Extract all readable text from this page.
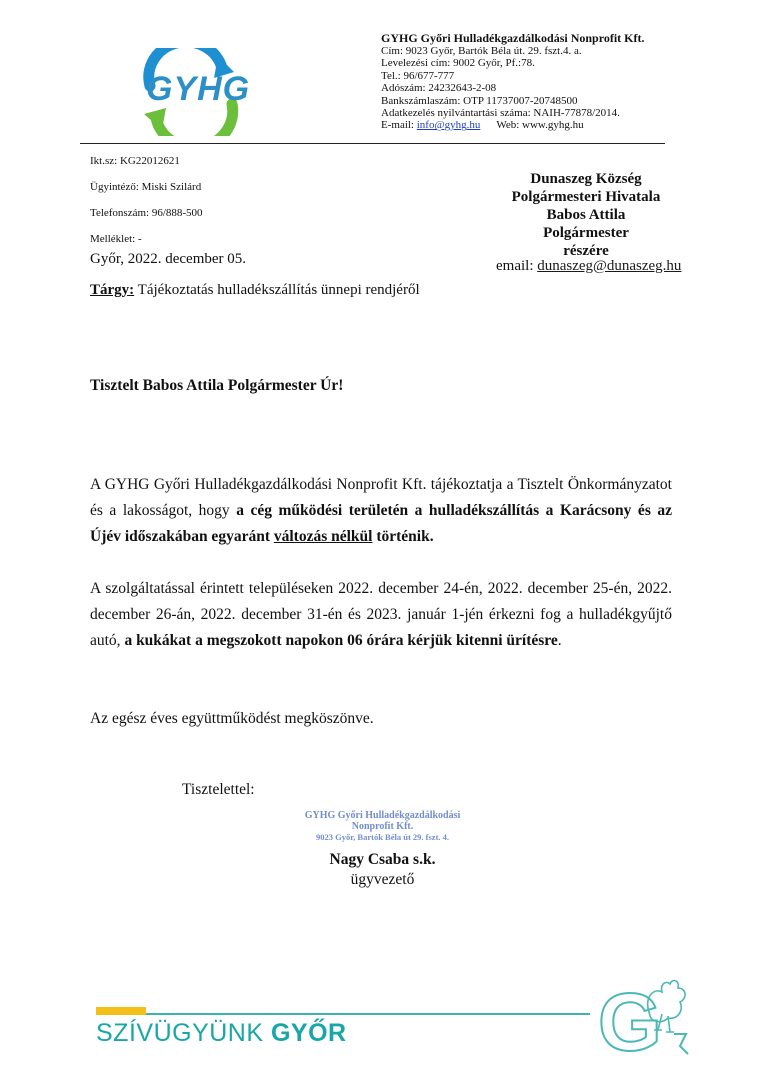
GYHG
GYHG Győri Hulladékgazdálkodási Nonprofit Kft.
Cím: 9023 Győr, Bartók Béla út. 29. fszt.4. a.
Levelezési cím: 9002 Győr, Pf.:78.
Tel.: 96/677-777
Adószám: 24232643-2-08
Bankszámlaszám: OTP 11737007-20748500
Adatkezelés nyilvántartási száma: NAIH-77878/2014.
E-mail: info@gyhg.hu Web: www.gyhg.hu
Ikt.sz: KG22012621
Ügyintéző: Miski Szilárd
Telefonszám: 96/888-500
Melléklet: -
Győr, 2022. december 05.
Tárgy: Tájékoztatás hulladékszállítás ünnepi rendjéről
Dunaszeg Község
Polgármesteri Hivatala
Babos Attila
Polgármester
részére
email: dunaszeg@dunaszeg.hu
Tisztelt Babos Attila Polgármester Úr!
A GYHG Győri Hulladékgazdálkodási Nonprofit Kft. tájékoztatja a Tisztelt Önkormányzatot és a lakosságot, hogy a cég működési területén a hulladékszállítás a Karácsony és az Újév időszakában egyaránt változás nélkül történik.
A szolgáltatással érintett településeken 2022. december 24-én, 2022. december 25-én, 2022. december 26-án, 2022. december 31-én és 2023. január 1-jén érkezni fog a hulladékgyűjtő autó, a kukákat a megszokott napokon 06 órára kérjük kitenni ürítésre.
Az egész éves együttműködést megköszönve.
Tisztelettel:
GYHG Győri Hulladékgazdálkodási
Nonprofit Kft.
9023 Győr, Bartók Béla út 29. fszt. 4.
Nagy Csaba s.k.
ügyvezető
SZÍVÜGYÜNK GYŐR	G
